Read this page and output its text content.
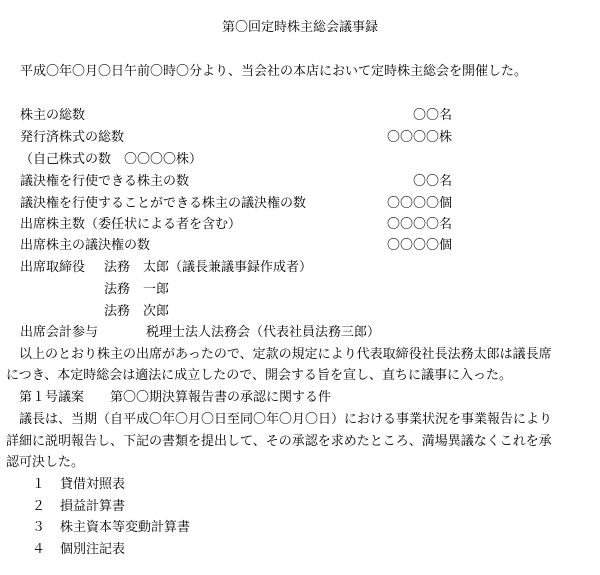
第〇回定時株主総会議事録
平成〇年〇月〇日午前〇時〇分より、当会社の本店において定時株主総会を開催した。
株主の総数	〇〇名
発行済株式の総数	〇〇〇〇株
（自己株式の数　〇〇〇〇株）
議決権を行使できる株主の数	〇〇名
議決権を行使することができる株主の議決権の数	〇〇〇〇個
出席株主数（委任状による者を含む）	〇〇〇〇名
出席株主の議決権の数	〇〇〇〇個
出席取締役 法務　太郎（議長兼議事録作成者）
法務　一郎
法務　次郎
出席会計参与	税理士法人法務会（代表社員法務三郎）
　以上のとおり株主の出席があったので、定款の規定により代表取締役社長法務太郎は議長席
につき、本定時総会は適法に成立したので、開会する旨を宣し、直ちに議事に入った。
　第１号議案　　第〇〇期決算報告書の承認に関する件
　議長は、当期（自平成〇年〇月〇日至同〇年〇月〇日）における事業状況を事業報告により
詳細に説明報告し、下記の書類を提出して、その承認を求めたところ、満場異議なくこれを承
認可決した。
１ 貸借対照表
２ 損益計算書
３ 株主資本等変動計算書
４ 個別注記表
